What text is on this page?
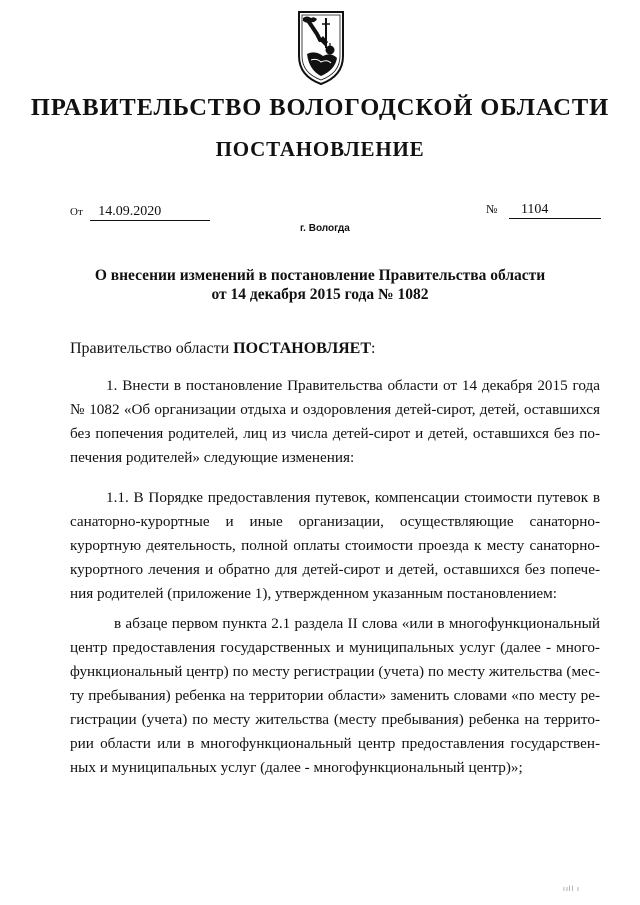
ПРАВИТЕЛЬСТВО ВОЛОГОДСКОЙ ОБЛАСТИ
ПОСТАНОВЛЕНИЕ
От 14.09.2020	№ 1104
г. Вологда
О внесении изменений в постановление Правительства области
от 14 декабря 2015 года № 1082
Правительство области ПОСТАНОВЛЯЕТ:
1. Внести в постановление Правительства области от 14 декабря 2015 года
№ 1082 «Об организации отдыха и оздоровления детей-сирот, детей, оставшихся
без попечения родителей, лиц из числа детей-сирот и детей, оставшихся без по-
печения родителей» следующие изменения:
1.1. В Порядке предоставления путевок, компенсации стоимости путевок в
санаторно-курортные и иные организации, осуществляющие санаторно-
курортную деятельность, полной оплаты стоимости проезда к месту санаторно-
курортного лечения и обратно для детей-сирот и детей, оставшихся без попече-
ния родителей (приложение 1), утвержденном указанным постановлением:
в абзаце первом пункта 2.1 раздела II слова «или в многофункциональный
центр предоставления государственных и муниципальных услуг (далее - много-
функциональный центр) по месту регистрации (учета) по месту жительства (мес-
ту пребывания) ребенка на территории области» заменить словами «по месту ре-
гистрации (учета) по месту жительства (месту пребывания) ребенка на террито-
рии области или в многофункциональный центр предоставления государствен-
ных и муниципальных услуг (далее - многофункциональный центр)»;
ııll ı
